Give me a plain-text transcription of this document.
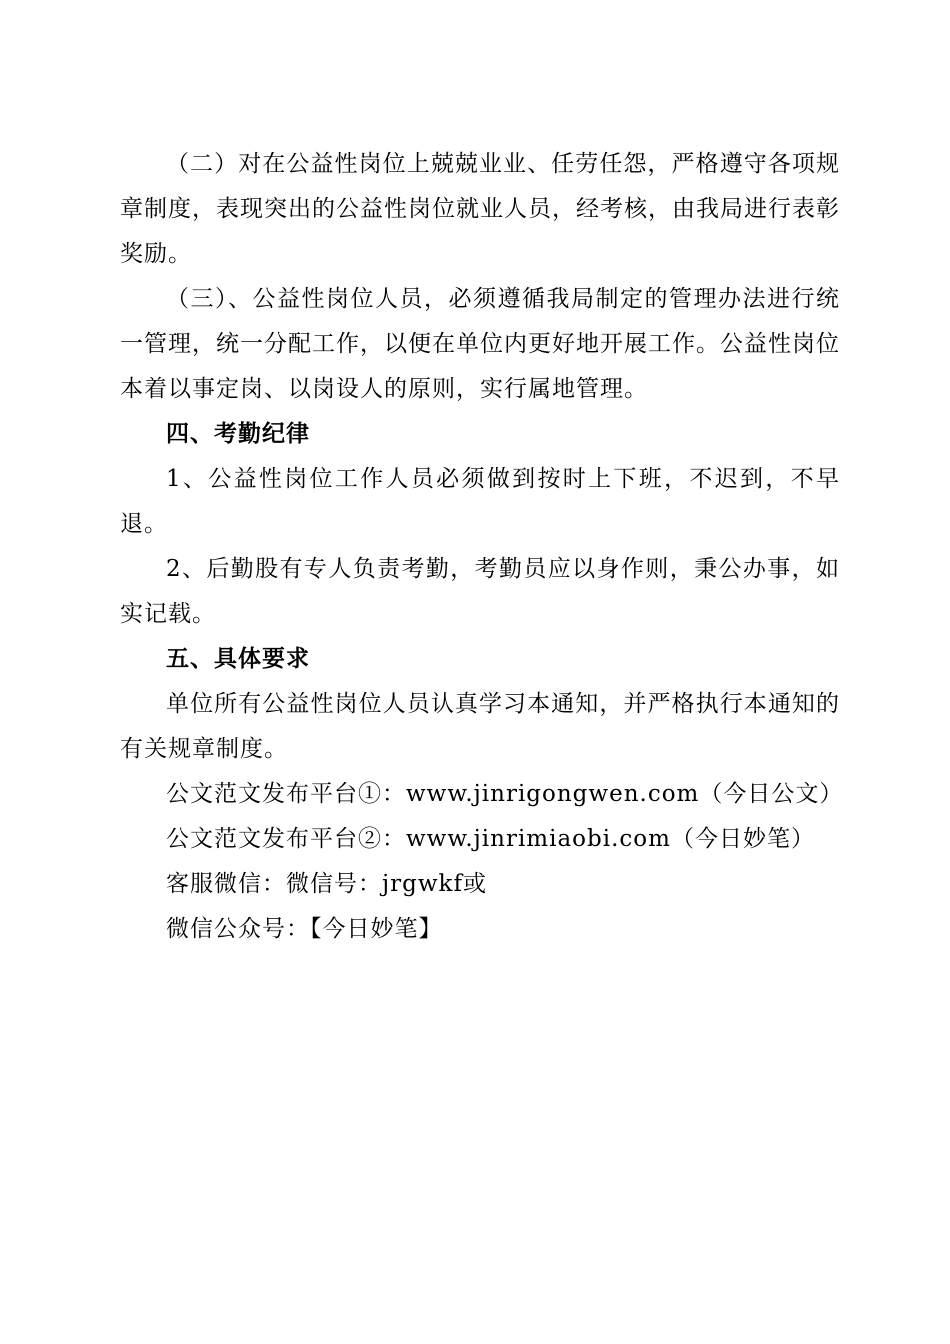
（二）对在公益性岗位上兢兢业业、任劳任怨，严格遵守各项规章制度，表现突出的公益性岗位就业人员，经考核，由我局进行表彰奖励。

（三）、公益性岗位人员，必须遵循我局制定的管理办法进行统一管理，统一分配工作，以便在单位内更好地开展工作。公益性岗位本着以事定岗、以岗设人的原则，实行属地管理。

四、考勤纪律

1、公益性岗位工作人员必须做到按时上下班，不迟到，不早退。

2、后勤股有专人负责考勤，考勤员应以身作则，秉公办事，如实记载。

五、具体要求

单位所有公益性岗位人员认真学习本通知，并严格执行本通知的有关规章制度。

公文范文发布平台①：www.jinrigongwen.com（今日公文）

公文范文发布平台②：www.jinrimiaobi.com（今日妙笔）

客服微信：微信号：jrgwkf或

微信公众号：【今日妙笔】
